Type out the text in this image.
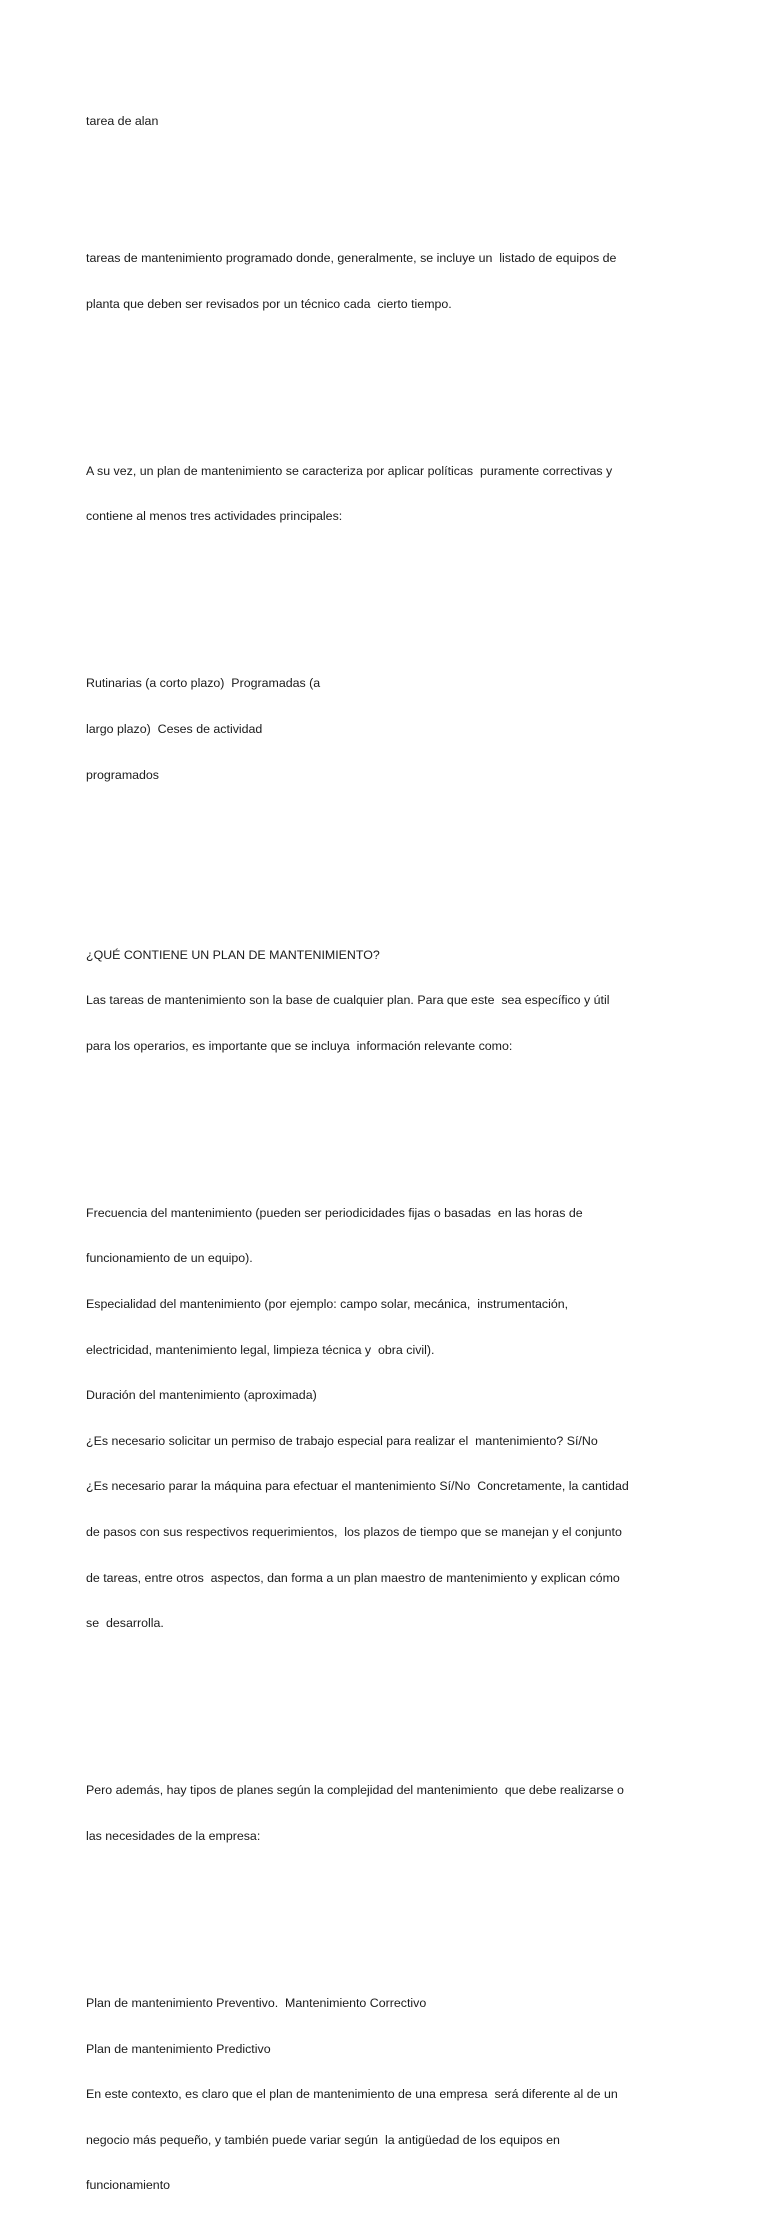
tarea de alan

tareas de mantenimiento programado donde, generalmente, se incluye un  listado de equipos de

planta que deben ser revisados por un técnico cada  cierto tiempo.

A su vez, un plan de mantenimiento se caracteriza por aplicar políticas  puramente correctivas y

contiene al menos tres actividades principales:

Rutinarias (a corto plazo)  Programadas (a

largo plazo)  Ceses de actividad

programados

¿QUÉ CONTIENE UN PLAN DE MANTENIMIENTO?

Las tareas de mantenimiento son la base de cualquier plan. Para que este  sea específico y útil

para los operarios, es importante que se incluya  información relevante como:

Frecuencia del mantenimiento (pueden ser periodicidades fijas o basadas  en las horas de

funcionamiento de un equipo).

Especialidad del mantenimiento (por ejemplo: campo solar, mecánica,  instrumentación,

electricidad, mantenimiento legal, limpieza técnica y  obra civil).

Duración del mantenimiento (aproximada)

¿Es necesario solicitar un permiso de trabajo especial para realizar el  mantenimiento? Sí/No

¿Es necesario parar la máquina para efectuar el mantenimiento Sí/No  Concretamente, la cantidad

de pasos con sus respectivos requerimientos,  los plazos de tiempo que se manejan y el conjunto

de tareas, entre otros  aspectos, dan forma a un plan maestro de mantenimiento y explican cómo

se  desarrolla.

Pero además, hay tipos de planes según la complejidad del mantenimiento  que debe realizarse o

las necesidades de la empresa:

Plan de mantenimiento Preventivo.  Mantenimiento Correctivo

Plan de mantenimiento Predictivo

En este contexto, es claro que el plan de mantenimiento de una empresa  será diferente al de un

negocio más pequeño, y también puede variar según  la antigüedad de los equipos en

funcionamiento
